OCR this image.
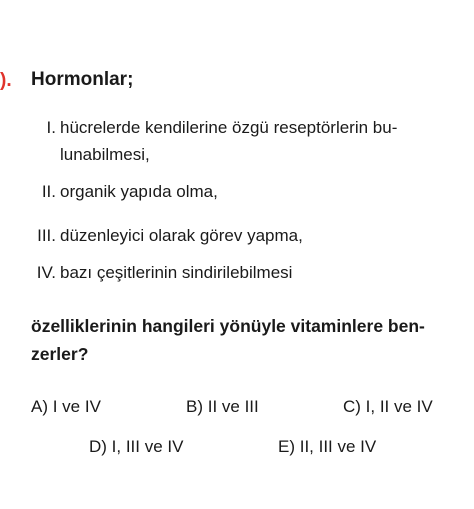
). Hormonlar;
I. hücrelerde kendilerine özgü reseptörlerin bu-
lunabilmesi,
II. organik yapıda olma,
III. düzenleyici olarak görev yapma,
IV. bazı çeşitlerinin sindirilebilmesi
özelliklerinin hangileri yönüyle vitaminlere ben-
zerler?
A) I ve IV	B) II ve III	C) I, II ve IV
D) I, III ve IV	E) II, III ve IV
